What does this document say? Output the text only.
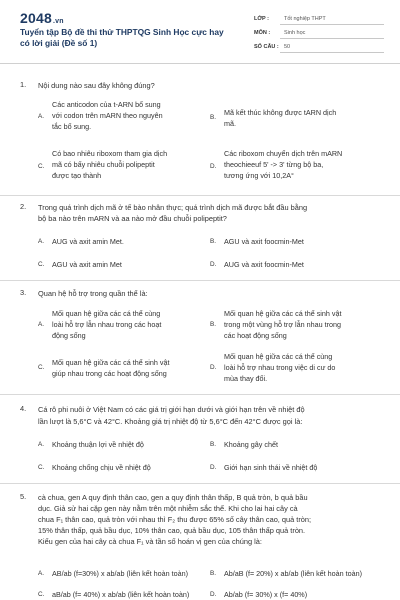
2048.vn
Tuyển tập Bộ đề thi thử THPTQG Sinh Học cực hay có lời giải (Đề số 1)
LỚP :	Tốt nghiệp THPT
MÔN :	Sinh học
SỐ CÂU : 50
1. Nội dung nào sau đây không đúng?
A.
Các anticodon của t-ARN bổ sung
với codon trên mARN theo nguyên
tắc bổ sung.
B.
Mã kết thúc không được tARN dịch
mã.
C.
Có bao nhiêu riboxom tham gia dịch
mã có bấy nhiêu chuỗi polipeptit
được tạo thành
D.
Các riboxom chuyển dịch trên mARN
theochieeuf 5' -> 3' từng bộ ba,
tương ứng với 10,2A°
2. Trong quá trình dịch mã ở tế bào nhân thực; quá trình dịch mã được bắt đầu bằng
bộ ba nào trên mARN và aa nào mở đầu chuỗi polipeptit?
A. AUG và axit amin Met.	B. AGU và axit foocmin-Met
C. AGU và axit amin Met	D. AUG và axit foocmin-Met
3. Quan hệ hỗ trợ trong quần thể là:
A.
Mối quan hệ giữa các cá thể cùng
loài hỗ trợ lẫn nhau trong các hoạt
động sống
B.
Mối quan hệ giữa các cá thể sinh vật
trong một vùng hỗ trợ lẫn nhau trong
các hoạt động sống
C.
Mối quan hệ giữa các cá thể sinh vật
giúp nhau trong các hoạt động sống
D.
Mối quan hệ giữa các cá thể cùng
loài hỗ trợ nhau trong việc di cư do
mùa thay đổi.
4. Cá rô phi nuôi ở Việt Nam có các giá trị giới hạn dưới và giới hạn trên về nhiệt độ
lần lượt là 5,6°C và 42°C. Khoảng giá trị nhiệt độ từ 5,6°C đến 42°C được gọi là:
A. Khoảng thuận lợi về nhiệt độ	B. Khoảng gây chết
C. Khoảng chống chịu về nhiệt độ	D. Giới hạn sinh thái về nhiệt độ
5. cà chua, gen A quy định thân cao, gen a quy định thân thấp, B quả tròn, b quả bầu
dục. Giả sử hai cặp gen này nằm trên một nhiễm sắc thể. Khi cho lai hai cây cà
chua F₁ thân cao, quả tròn với nhau thì F₂ thu được 65% số cây thân cao, quả tròn;
15% thân thấp, quả bầu dục, 10% thân cao, quả bầu dục, 105 thân thấp quả tròn.
Kiểu gen của hai cây cà chua F₁ và tần số hoán vị gen của chúng là:
A. AB/ab (f=30%) x ab/ab (liên kết hoàn toàn)	B. Ab/aB (f= 20%) x ab/ab (liên kết hoàn toàn)
C. aB/ab (f= 40%) x ab/ab (liên kết hoàn toàn)	D. Ab/ab (f= 30%) x (f= 40%)
